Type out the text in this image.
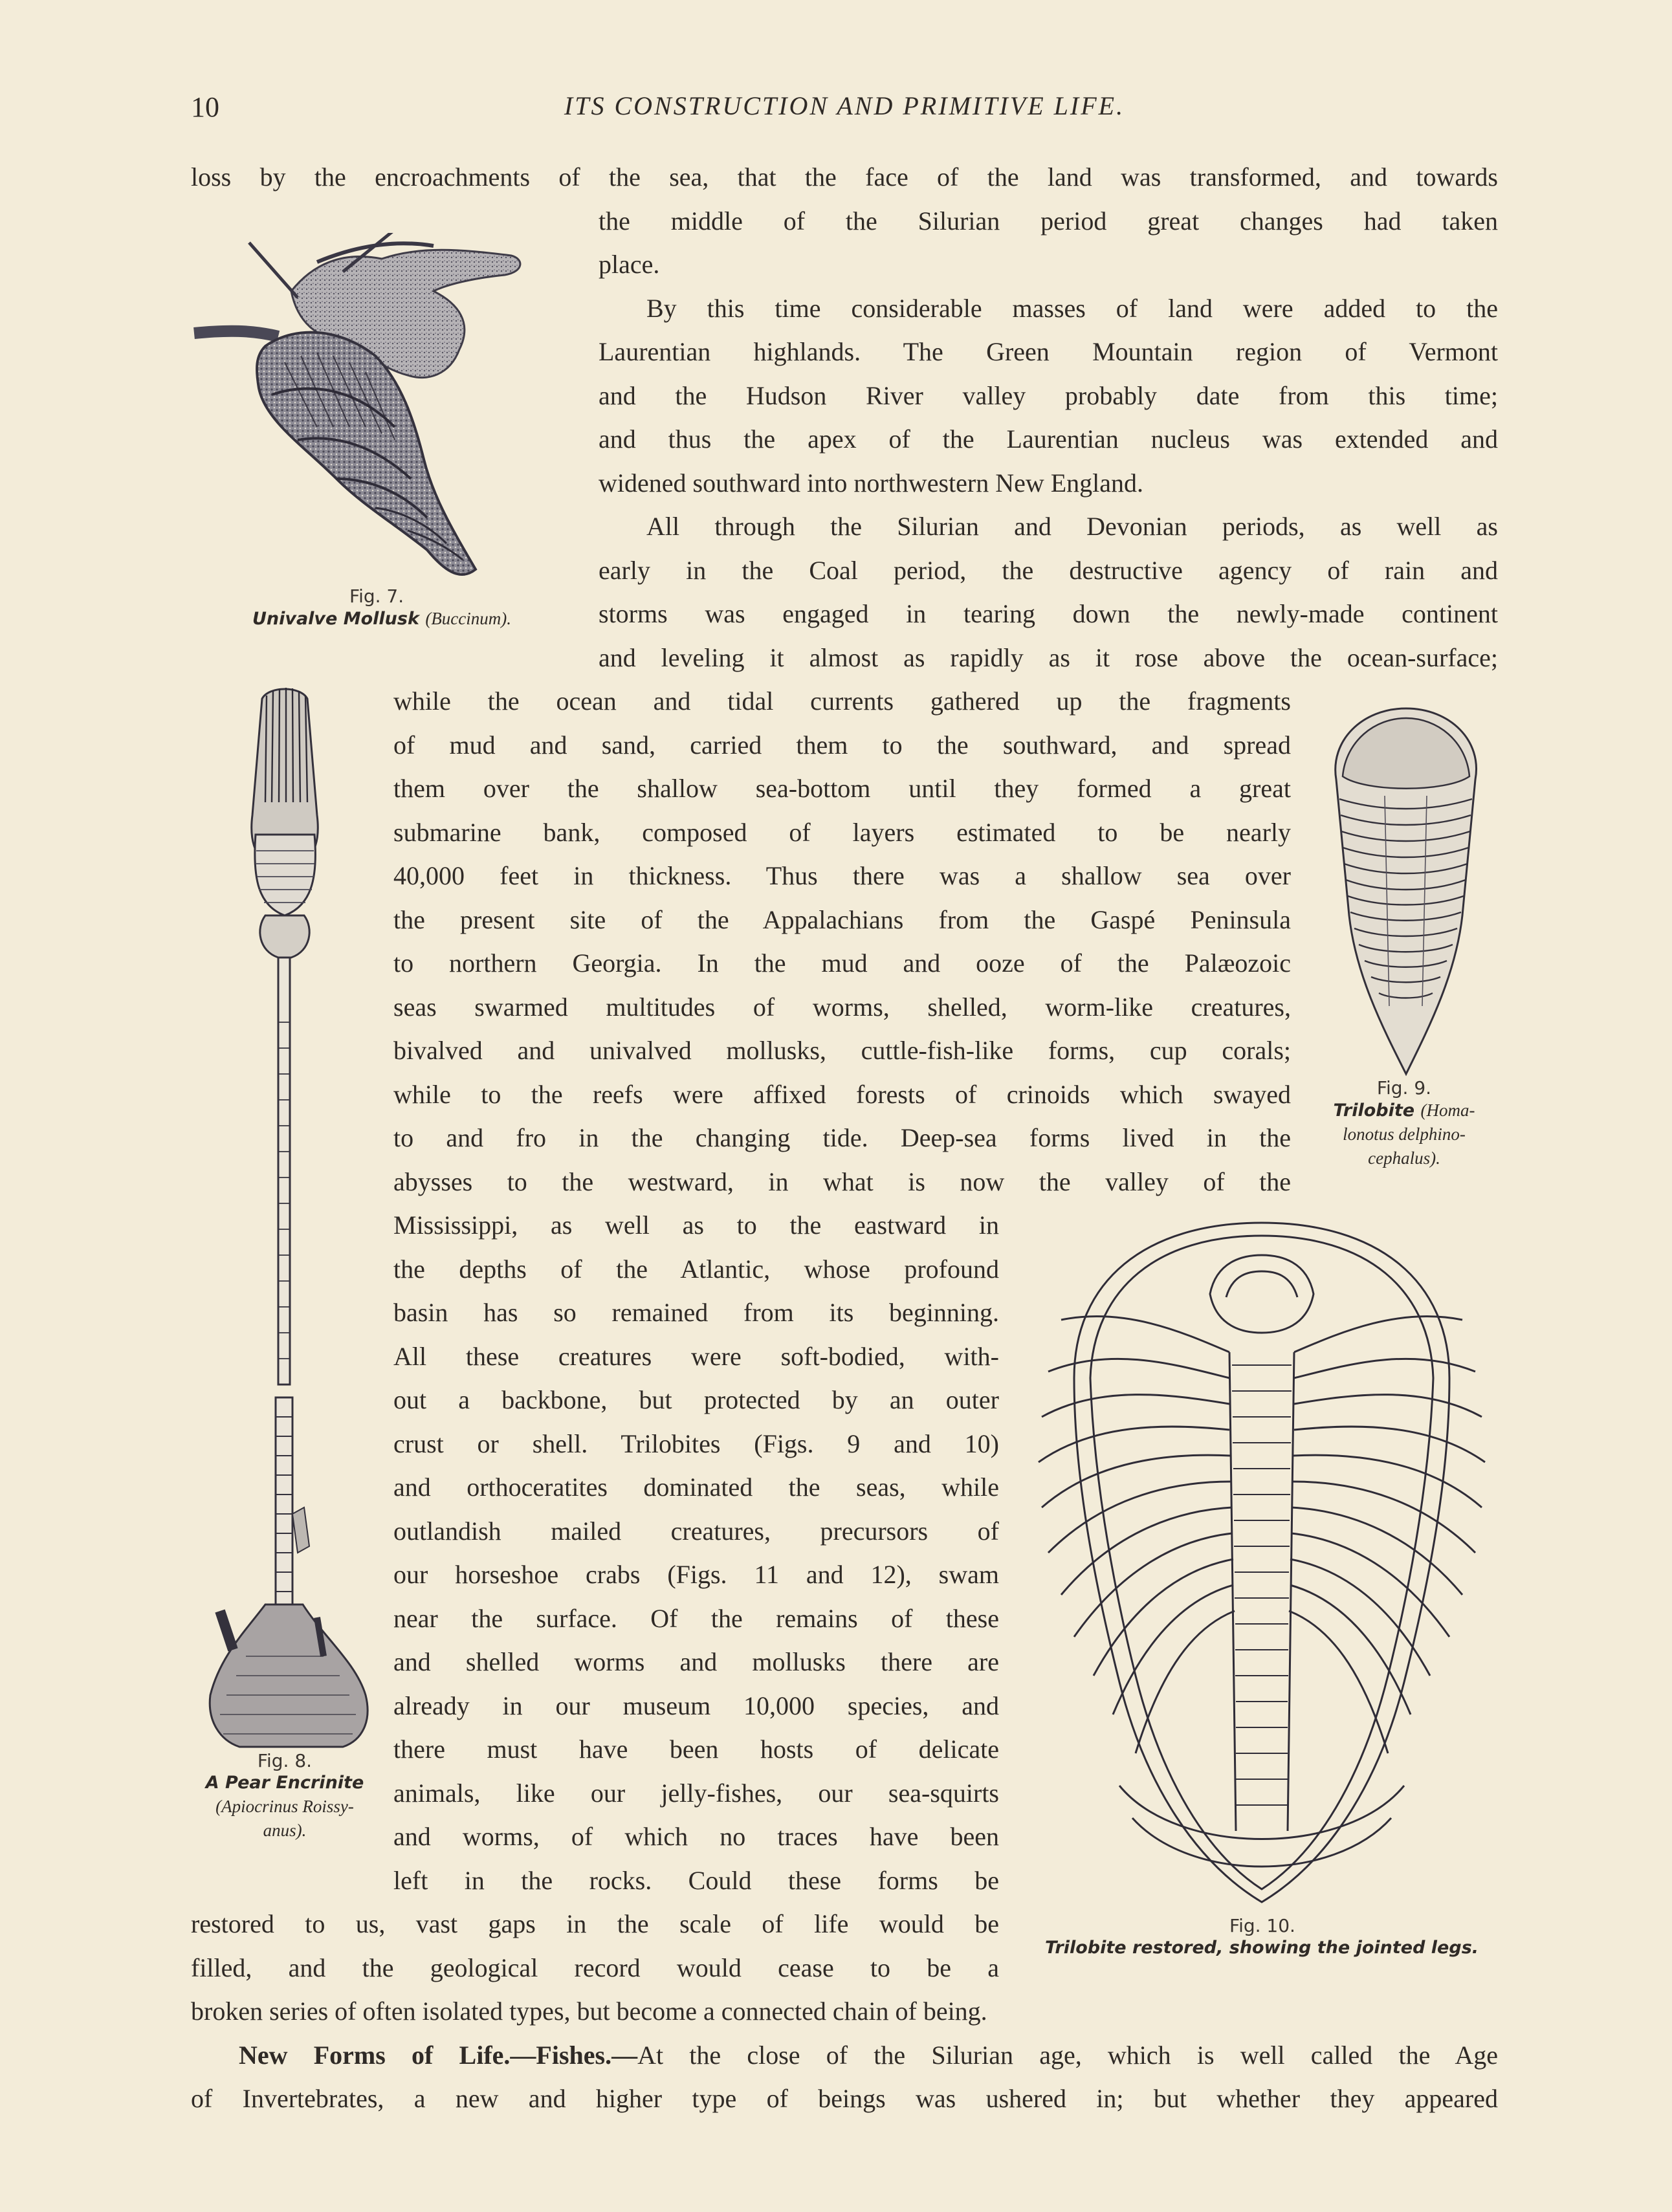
10	ITS CONSTRUCTION AND PRIMITIVE LIFE.
loss by the encroachments of the sea, that the face of the land was transformed, and towards
the middle of the Silurian period great changes had taken
place.
By this time considerable masses of land were added to the
Laurentian highlands. The Green Mountain region of Vermont
and the Hudson River valley probably date from this time;
and thus the apex of the Laurentian nucleus was extended and
widened southward into northwestern New England.
All through the Silurian and Devonian periods, as well as
early in the Coal period, the destructive agency of rain and
storms was engaged in tearing down the newly-made continent
and leveling it almost as rapidly as it rose above the ocean-surface;
while the ocean and tidal currents gathered up the fragments
of mud and sand, carried them to the southward, and spread
them over the shallow sea-bottom until they formed a great
submarine bank, composed of layers estimated to be nearly
40,000 feet in thickness. Thus there was a shallow sea over
the present site of the Appalachians from the Gaspé Peninsula
to northern Georgia. In the mud and ooze of the Palæozoic
seas swarmed multitudes of worms, shelled, worm-like creatures,
bivalved and univalved mollusks, cuttle-fish-like forms, cup corals;
while to the reefs were affixed forests of crinoids which swayed
to and fro in the changing tide. Deep-sea forms lived in the
abysses to the westward, in what is now the valley of the
Mississippi, as well as to the eastward in
the depths of the Atlantic, whose profound
basin has so remained from its beginning.
All these creatures were soft-bodied, with-
out a backbone, but protected by an outer
crust or shell. Trilobites (Figs. 9 and 10)
and orthoceratites dominated the seas, while
outlandish mailed creatures, precursors of
our horseshoe crabs (Figs. 11 and 12), swam
near the surface. Of the remains of these
and shelled worms and mollusks there are
already in our museum 10,000 species, and
there must have been hosts of delicate
animals, like our jelly-fishes, our sea-squirts
and worms, of which no traces have been
left in the rocks. Could these forms be
restored to us, vast gaps in the scale of life would be
filled, and the geological record would cease to be a
broken series of often isolated types, but become a connected chain of being.
New Forms of Life.—Fishes.—At the close of the Silurian age, which is well called the Age
of Invertebrates, a new and higher type of beings was ushered in; but whether they appeared
Fig. 7.
Univalve Mollusk (Buccinum).
Fig. 8.
A Pear Encrinite
(Apiocrinus Roissy-
anus).
Fig. 9.
Trilobite (Homa-
lonotus delphino-
cephalus).
Fig. 10.
Trilobite restored, showing the jointed legs.
